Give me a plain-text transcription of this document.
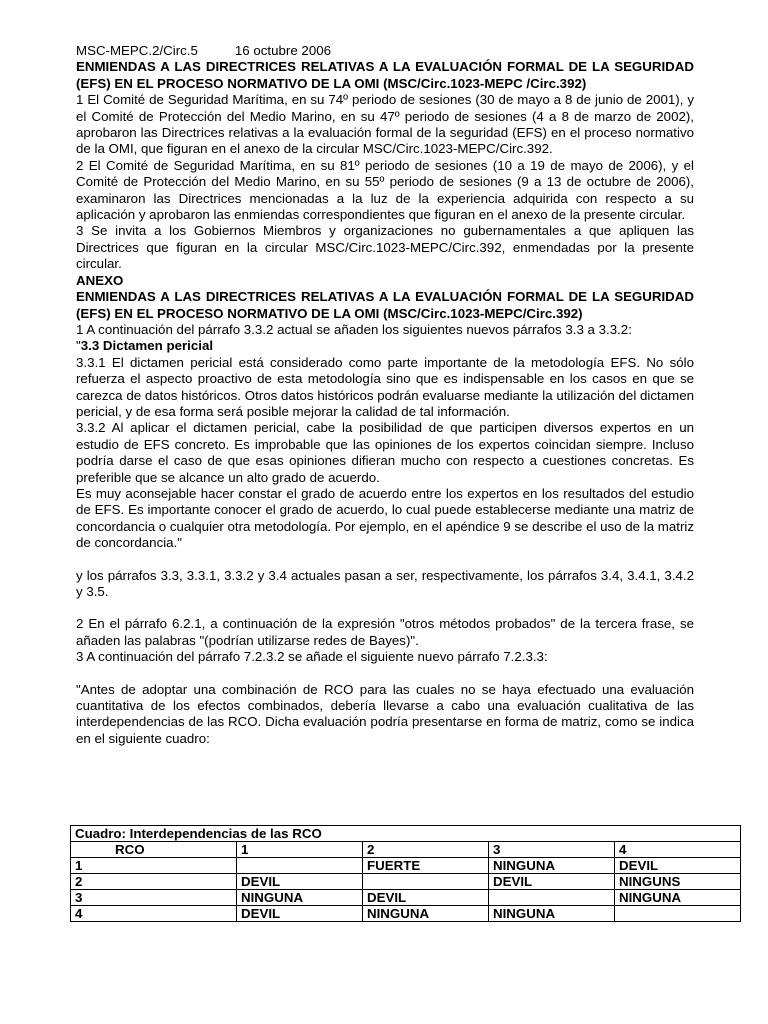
MSC-MEPC.2/Circ.5	16 octubre 2006

ENMIENDAS A LAS DIRECTRICES RELATIVAS A LA EVALUACIÓN FORMAL DE LA SEGURIDAD (EFS) EN EL PROCESO NORMATIVO DE LA OMI (MSC/Circ.1023-MEPC /Circ.392)

1 El Comité de Seguridad Marítima, en su 74º periodo de sesiones (30 de mayo a 8 de junio de 2001), y el Comité de Protección del Medio Marino, en su 47º periodo de sesiones (4 a 8 de marzo de 2002), aprobaron las Directrices relativas a la evaluación formal de la seguridad (EFS) en el proceso normativo de la OMI, que figuran en el anexo de la circular MSC/Circ.1023-MEPC/Circ.392.

2 El Comité de Seguridad Marítima, en su 81º periodo de sesiones (10 a 19 de mayo de 2006), y el Comité de Protección del Medio Marino, en su 55º periodo de sesiones (9 a 13 de octubre de 2006), examinaron las Directrices mencionadas a la luz de la experiencia adquirida con respecto a su aplicación y aprobaron las enmiendas correspondientes que figuran en el anexo de la presente circular.

3 Se invita a los Gobiernos Miembros y organizaciones no gubernamentales a que apliquen las Directrices que figuran en la circular MSC/Circ.1023-MEPC/Circ.392, enmendadas por la presente circular.

ANEXO

ENMIENDAS A LAS DIRECTRICES RELATIVAS A LA EVALUACIÓN FORMAL DE LA SEGURIDAD (EFS) EN EL PROCESO NORMATIVO DE LA OMI (MSC/Circ.1023-MEPC/Circ.392)

1 A continuación del párrafo 3.3.2 actual se añaden los siguientes nuevos párrafos 3.3 a 3.3.2:

"3.3 Dictamen pericial

3.3.1 El dictamen pericial está considerado como parte importante de la metodología EFS. No sólo refuerza el aspecto proactivo de esta metodología sino que es indispensable en los casos en que se carezca de datos históricos. Otros datos históricos podrán evaluarse mediante la utilización del dictamen pericial, y de esa forma será posible mejorar la calidad de tal información.

3.3.2 Al aplicar el dictamen pericial, cabe la posibilidad de que participen diversos expertos en un estudio de EFS concreto. Es improbable que las opiniones de los expertos coincidan siempre. Incluso podría darse el caso de que esas opiniones difieran mucho con respecto a cuestiones concretas. Es preferible que se alcance un alto grado de acuerdo.

Es muy aconsejable hacer constar el grado de acuerdo entre los expertos en los resultados del estudio de EFS. Es importante conocer el grado de acuerdo, lo cual puede establecerse mediante una matriz de concordancia o cualquier otra metodología. Por ejemplo, en el apéndice 9 se describe el uso de la matriz de concordancia."

y los párrafos 3.3, 3.3.1, 3.3.2 y 3.4 actuales pasan a ser, respectivamente, los párrafos 3.4, 3.4.1, 3.4.2 y 3.5.

2 En el párrafo 6.2.1, a continuación de la expresión "otros métodos probados" de la tercera frase, se añaden las palabras "(podrían utilizarse redes de Bayes)".

3 A continuación del párrafo 7.2.3.2 se añade el siguiente nuevo párrafo 7.2.3.3:

"Antes de adoptar una combinación de RCO para las cuales no se haya efectuado una evaluación cuantitativa de los efectos combinados, debería llevarse a cabo una evaluación cualitativa de las interdependencias de las RCO. Dicha evaluación podría presentarse en forma de matriz, como se indica en el siguiente cuadro:

Cuadro: Interdependencias de las RCO				
RCO	1	2	3	4
1		FUERTE	NINGUNA	DEVIL
2	DEVIL		DEVIL	NINGUNS
3	NINGUNA	DEVIL		NINGUNA
4	DEVIL	NINGUNA	NINGUNA	
